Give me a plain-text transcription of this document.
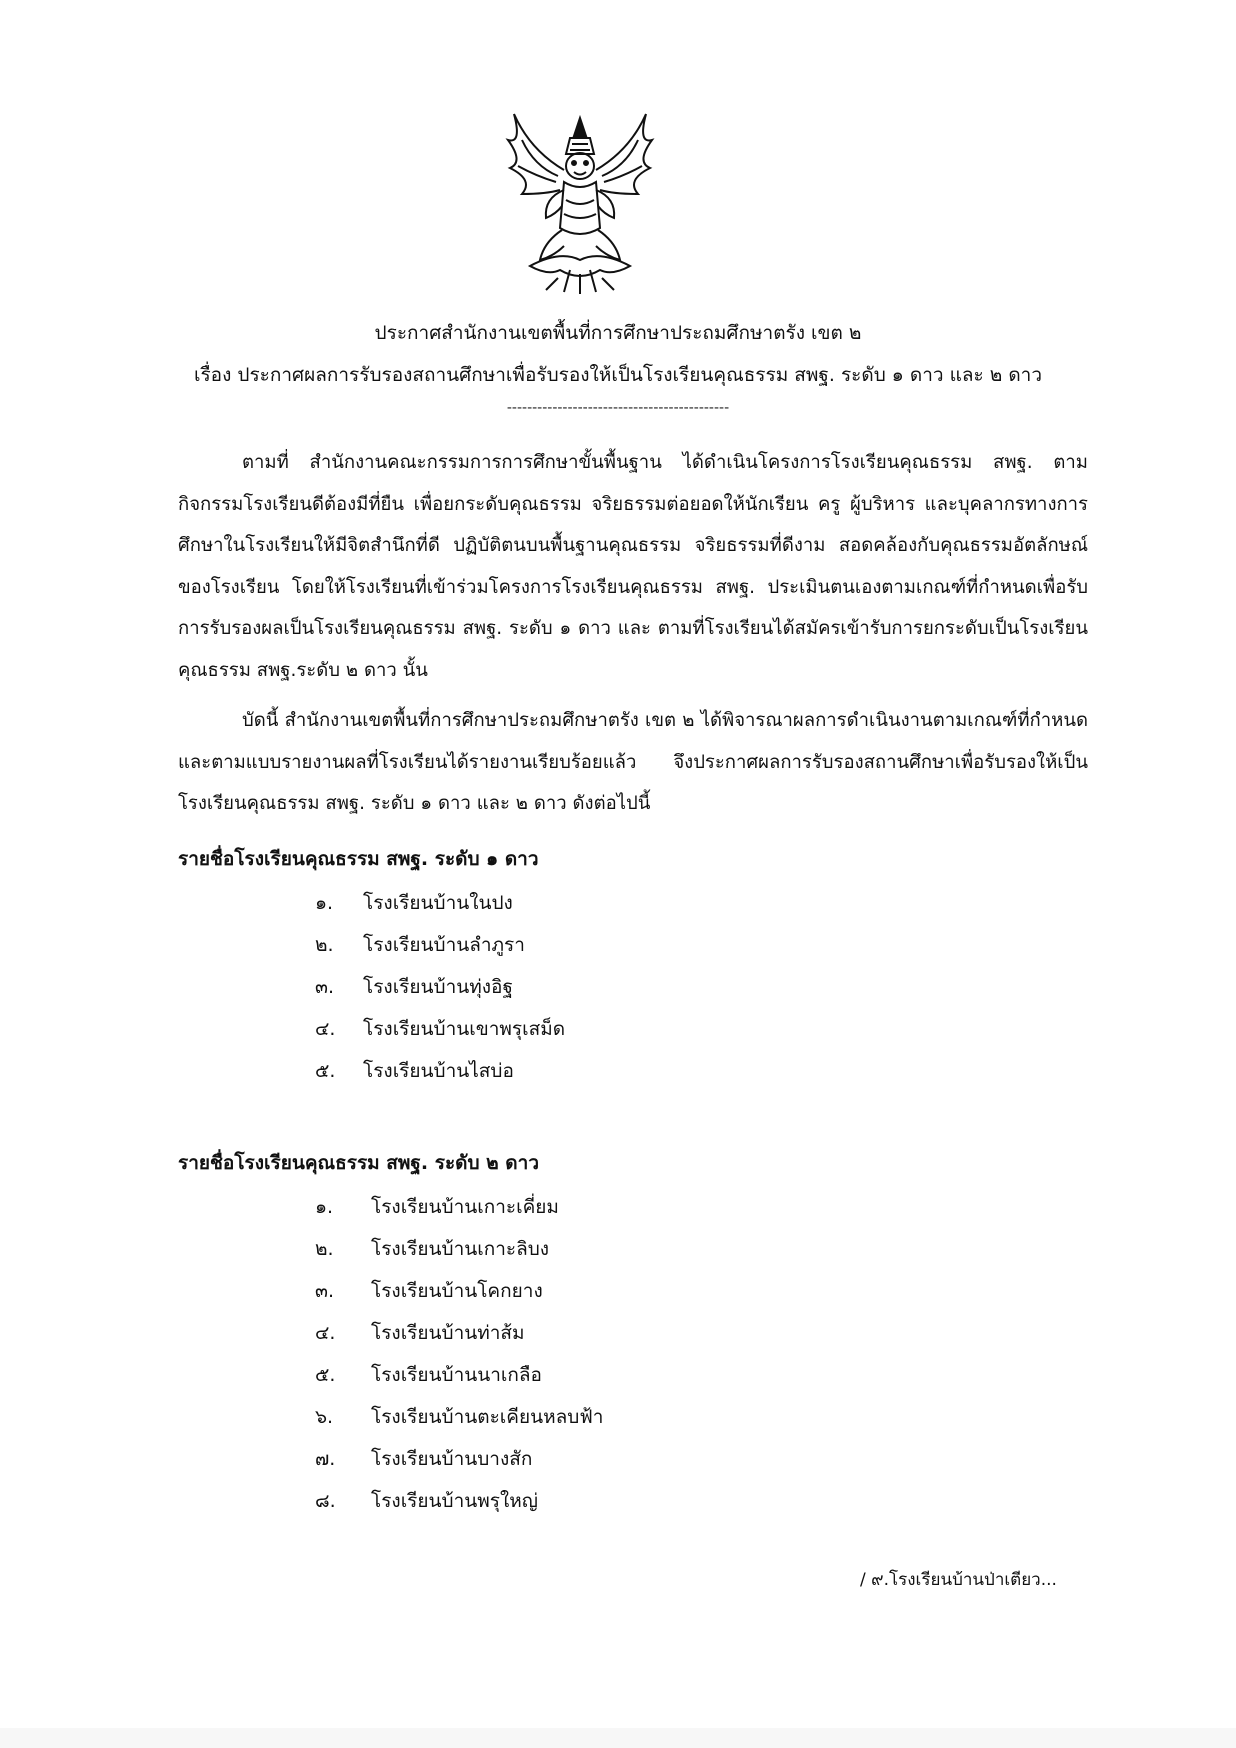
ประกาศสำนักงานเขตพื้นที่การศึกษาประถมศึกษาตรัง เขต ๒
เรื่อง ประกาศผลการรับรองสถานศึกษาเพื่อรับรองให้เป็นโรงเรียนคุณธรรม สพฐ. ระดับ ๑ ดาว และ ๒ ดาว
--------------------------------------------

ตามที่ สำนักงานคณะกรรมการการศึกษาขั้นพื้นฐาน ได้ดำเนินโครงการโรงเรียนคุณธรรม สพฐ. ตามกิจกรรมโรงเรียนดีต้องมีที่ยืน เพื่อยกระดับคุณธรรม จริยธรรมต่อยอดให้นักเรียน ครู ผู้บริหาร และบุคลากรทางการศึกษาในโรงเรียนให้มีจิตสำนึกที่ดี ปฏิบัติตนบนพื้นฐานคุณธรรม จริยธรรมที่ดีงาม สอดคล้องกับคุณธรรมอัตลักษณ์ของโรงเรียน โดยให้โรงเรียนที่เข้าร่วมโครงการโรงเรียนคุณธรรม สพฐ. ประเมินตนเองตามเกณฑ์ที่กำหนดเพื่อรับการรับรองผลเป็นโรงเรียนคุณธรรม สพฐ. ระดับ ๑ ดาว และ ตามที่โรงเรียนได้สมัครเข้ารับการยกระดับเป็นโรงเรียนคุณธรรม สพฐ.ระดับ ๒ ดาว นั้น

บัดนี้ สำนักงานเขตพื้นที่การศึกษาประถมศึกษาตรัง เขต ๒ ได้พิจารณาผลการดำเนินงานตามเกณฑ์ที่กำหนดและตามแบบรายงานผลที่โรงเรียนได้รายงานเรียบร้อยแล้ว จึงประกาศผลการรับรองสถานศึกษาเพื่อรับรองให้เป็นโรงเรียนคุณธรรม สพฐ. ระดับ ๑ ดาว และ ๒ ดาว ดังต่อไปนี้

รายชื่อโรงเรียนคุณธรรม สพฐ. ระดับ ๑ ดาว
๑.	โรงเรียนบ้านในปง
๒.	โรงเรียนบ้านลำภูรา
๓.	โรงเรียนบ้านทุ่งอิฐ
๔.	โรงเรียนบ้านเขาพรุเสม็ด
๕.	โรงเรียนบ้านไสบ่อ
รายชื่อโรงเรียนคุณธรรม สพฐ. ระดับ ๒ ดาว
๑.	โรงเรียนบ้านเกาะเคี่ยม
๒.	โรงเรียนบ้านเกาะลิบง
๓.	โรงเรียนบ้านโคกยาง
๔.	โรงเรียนบ้านท่าส้ม
๕.	โรงเรียนบ้านนาเกลือ
๖.	โรงเรียนบ้านตะเคียนหลบฟ้า
๗.	โรงเรียนบ้านบางสัก
๘.	โรงเรียนบ้านพรุใหญ่
/ ๙.โรงเรียนบ้านป่าเตียว...
